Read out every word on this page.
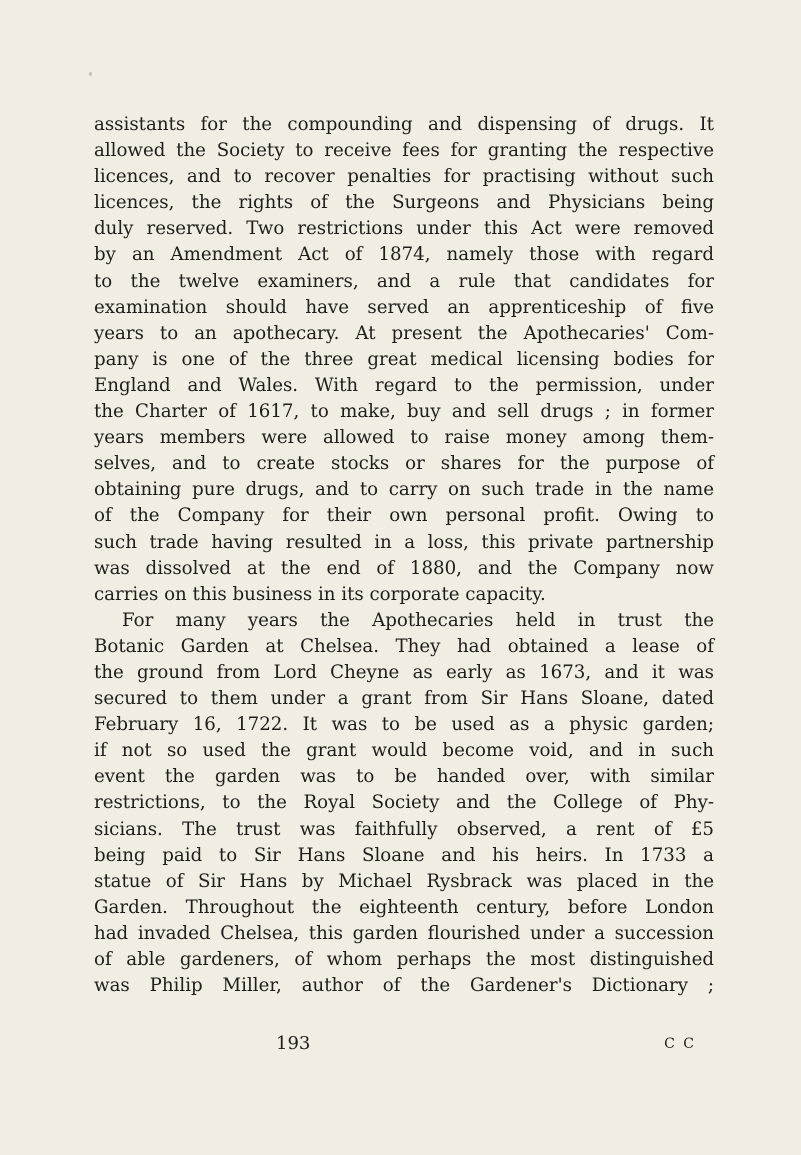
assistants for the compounding and dispensing of drugs. It
allowed the Society to receive fees for granting the respective
licences, and to recover penalties for practising without such
licences, the rights of the Surgeons and Physicians being
duly reserved. Two restrictions under this Act were removed
by an Amendment Act of 1874, namely those with regard
to the twelve examiners, and a rule that candidates for
examination should have served an apprenticeship of five
years to an apothecary. At present the Apothecaries' Com-
pany is one of the three great medical licensing bodies for
England and Wales. With regard to the permission, under
the Charter of 1617, to make, buy and sell drugs ; in former
years members were allowed to raise money among them-
selves, and to create stocks or shares for the purpose of
obtaining pure drugs, and to carry on such trade in the name
of the Company for their own personal profit. Owing to
such trade having resulted in a loss, this private partnership
was dissolved at the end of 1880, and the Company now
carries on this business in its corporate capacity.
For many years the Apothecaries held in trust the
Botanic Garden at Chelsea. They had obtained a lease of
the ground from Lord Cheyne as early as 1673, and it was
secured to them under a grant from Sir Hans Sloane, dated
February 16, 1722. It was to be used as a physic garden;
if not so used the grant would become void, and in such
event the garden was to be handed over, with similar
restrictions, to the Royal Society and the College of Phy-
sicians. The trust was faithfully observed, a rent of £5
being paid to Sir Hans Sloane and his heirs. In 1733 a
statue of Sir Hans by Michael Rysbrack was placed in the
Garden. Throughout the eighteenth century, before London
had invaded Chelsea, this garden flourished under a succession
of able gardeners, of whom perhaps the most distinguished
was Philip Miller, author of the Gardener's Dictionary ;
193	C C
